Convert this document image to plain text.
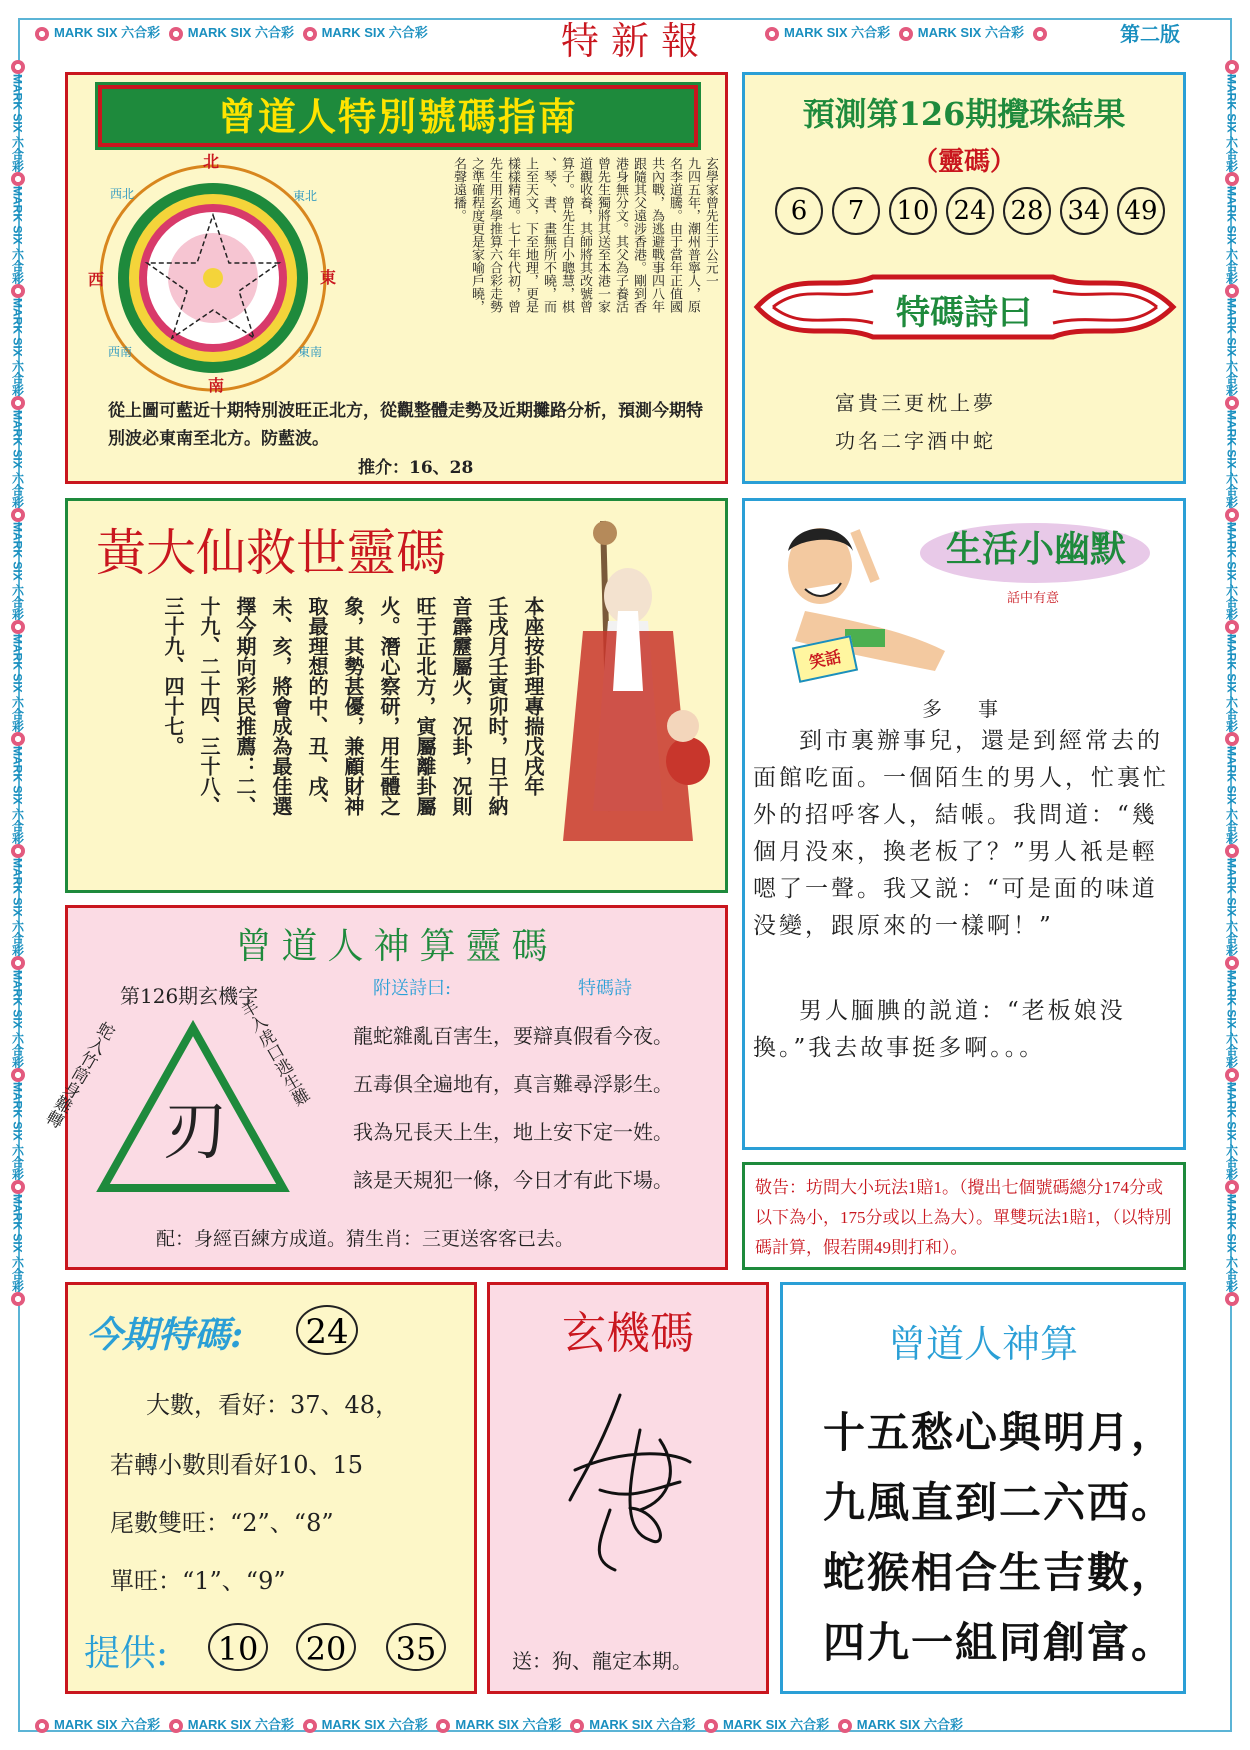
MARK SIX 六合彩 MARK SIX 六合彩 MARK SIX 六合彩	特 新 報	MARK SIX 六合彩 MARK SIX 六合彩	第二版
MARK SIX 六合彩 MARK SIX 六合彩 MARK SIX 六合彩 MARK SIX 六合彩 MARK SIX 六合彩 MARK SIX 六合彩 MARK SIX 六合彩
MARK SIX 六合彩
MARK SIX 六合彩
MARK SIX 六合彩
MARK SIX 六合彩
MARK SIX 六合彩
MARK SIX 六合彩
MARK SIX 六合彩
MARK SIX 六合彩
MARK SIX 六合彩
MARK SIX 六合彩
MARK SIX 六合彩
MARK SIX 六合彩
MARK SIX 六合彩
MARK SIX 六合彩
MARK SIX 六合彩
MARK SIX 六合彩
MARK SIX 六合彩
MARK SIX 六合彩
MARK SIX 六合彩
MARK SIX 六合彩
MARK SIX 六合彩
MARK SIX 六合彩
曾道人特別號碼指南
北
南
東
西
東北
西北
東南
西南
玄學家曾先生于公元一
九四五年，潮州普寧人，原
名李道騰。由于當年正值國
共內戰，為逃避戰事四八年
跟隨其父遠涉香港。剛到香
港身無分文。其父為子養活
曾先生獨將其送至本港一家
道觀收養，其師將其改號曾
算子。曾先生自小聰慧，棋
、琴、書、畫無所不曉，而
上至天文，下至地理，更是
樣樣精通。七十年代初，曾
先生用玄學推算六合彩走勢
之準確程度更是家喻戶曉，
名聲遠播。
從上圖可藍近十期特別波旺正北方，從觀整體走勢及近期攤路分析，預測今期特別波必東南至北方。防藍波。
推介：16、28
預測第126期攪珠結果
（靈碼）
6	7	10 24 28 34 49
特碼詩曰
富貴三更枕上夢
功名二字酒中蛇
黃大仙救世靈碼
本座按卦理專揣戊戌年
壬戌月壬寅卯时，日干納
音霹靂屬火，况卦，况則
旺于正北方，寅屬離卦屬
火。潛心察研，用生體之
象，其勢甚優，兼顧財神
取最理想的中、丑、戌、
未、亥，將會成為最佳選
擇今期向彩民推薦：二、
十九、二十四、三十八、
三十九、四十七。	笑話
生活小幽默
話中有意
多　事
到市裏辦事兒，還是到經常去的面館吃面。一個陌生的男人，忙裏忙外的招呼客人，結帳。我問道：“幾個月没來，換老板了？”男人衹是輕嗯了一聲。我又説：“可是面的味道没變，跟原來的一樣啊！”
男人腼腆的説道：“老板娘没換。”我去故事挺多啊。。。
曾道人神算靈碼
第126期玄機字	附送詩曰:	特碼詩
刃
蛇入竹筒身難轉	羊入虎口逃生難	龍蛇雜亂百害生，要辯真假看今夜。
五毒俱全遍地有，真言難尋浮影生。
我為兄長天上生，地上安下定一姓。
該是天規犯一條，今日才有此下場。
配：身經百練方成道。猜生肖：三更送客客已去。
敬告：坊問大小玩法1賠1。（攪出七個號碼總分174分或以下為小，175分或以上為大）。單雙玩法1賠1，（以特別碼計算，假若開49則打和）。
今期特碼: 24
大數，看好：37、48，
若轉小數則看好10、15
尾數雙旺：“2”、“8”
單旺：“1”、“9”
提供:	10	20	35
玄機碼
送：狗、龍定本期。
曾道人神算
十五愁心與明月，
九風直到二六西。
蛇猴相合生吉數，
四九一組同創富。
